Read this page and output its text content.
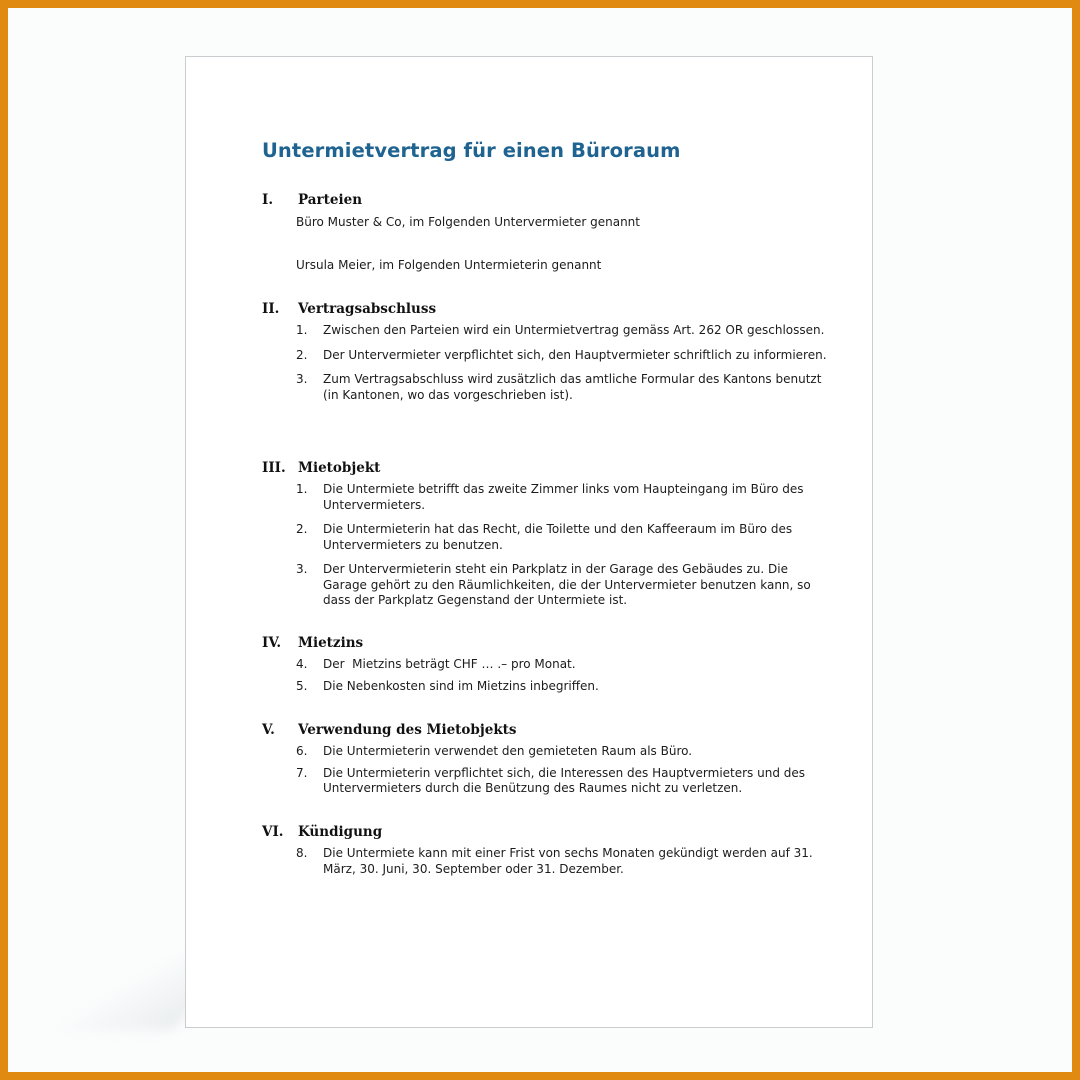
Untermietvertrag für einen Büroraum
I. Parteien
Büro Muster & Co, im Folgenden Untervermieter genannt
Ursula Meier, im Folgenden Untermieterin genannt
II. Vertragsabschluss
1.	Zwischen den Parteien wird ein Untermietvertrag gemäss Art. 262 OR geschlossen.
2.	Der Untervermieter verpflichtet sich, den Hauptvermieter schriftlich zu informieren.
3.	Zum Vertragsabschluss wird zusätzlich das amtliche Formular des Kantons benutzt (in Kantonen, wo das vorgeschrieben ist).
III. Mietobjekt
1.	Die Untermiete betrifft das zweite Zimmer links vom Haupteingang im Büro des Untervermieters.
2.	Die Untermieterin hat das Recht, die Toilette und den Kaffeeraum im Büro des Untervermieters zu benutzen.
3.	Der Untervermieterin steht ein Parkplatz in der Garage des Gebäudes zu. Die Garage gehört zu den Räumlichkeiten, die der Untervermieter benutzen kann, so dass der Parkplatz Gegenstand der Untermiete ist.
IV. Mietzins
4.	Der  Mietzins beträgt CHF … .– pro Monat.
5.	Die Nebenkosten sind im Mietzins inbegriffen.
V. Verwendung des Mietobjekts
6.	Die Untermieterin verwendet den gemieteten Raum als Büro.
7.	Die Untermieterin verpflichtet sich, die Interessen des Hauptvermieters und des Untervermieters durch die Benützung des Raumes nicht zu verletzen.
VI. Kündigung
8.	Die Untermiete kann mit einer Frist von sechs Monaten gekündigt werden auf 31. März, 30. Juni, 30. September oder 31. Dezember.
